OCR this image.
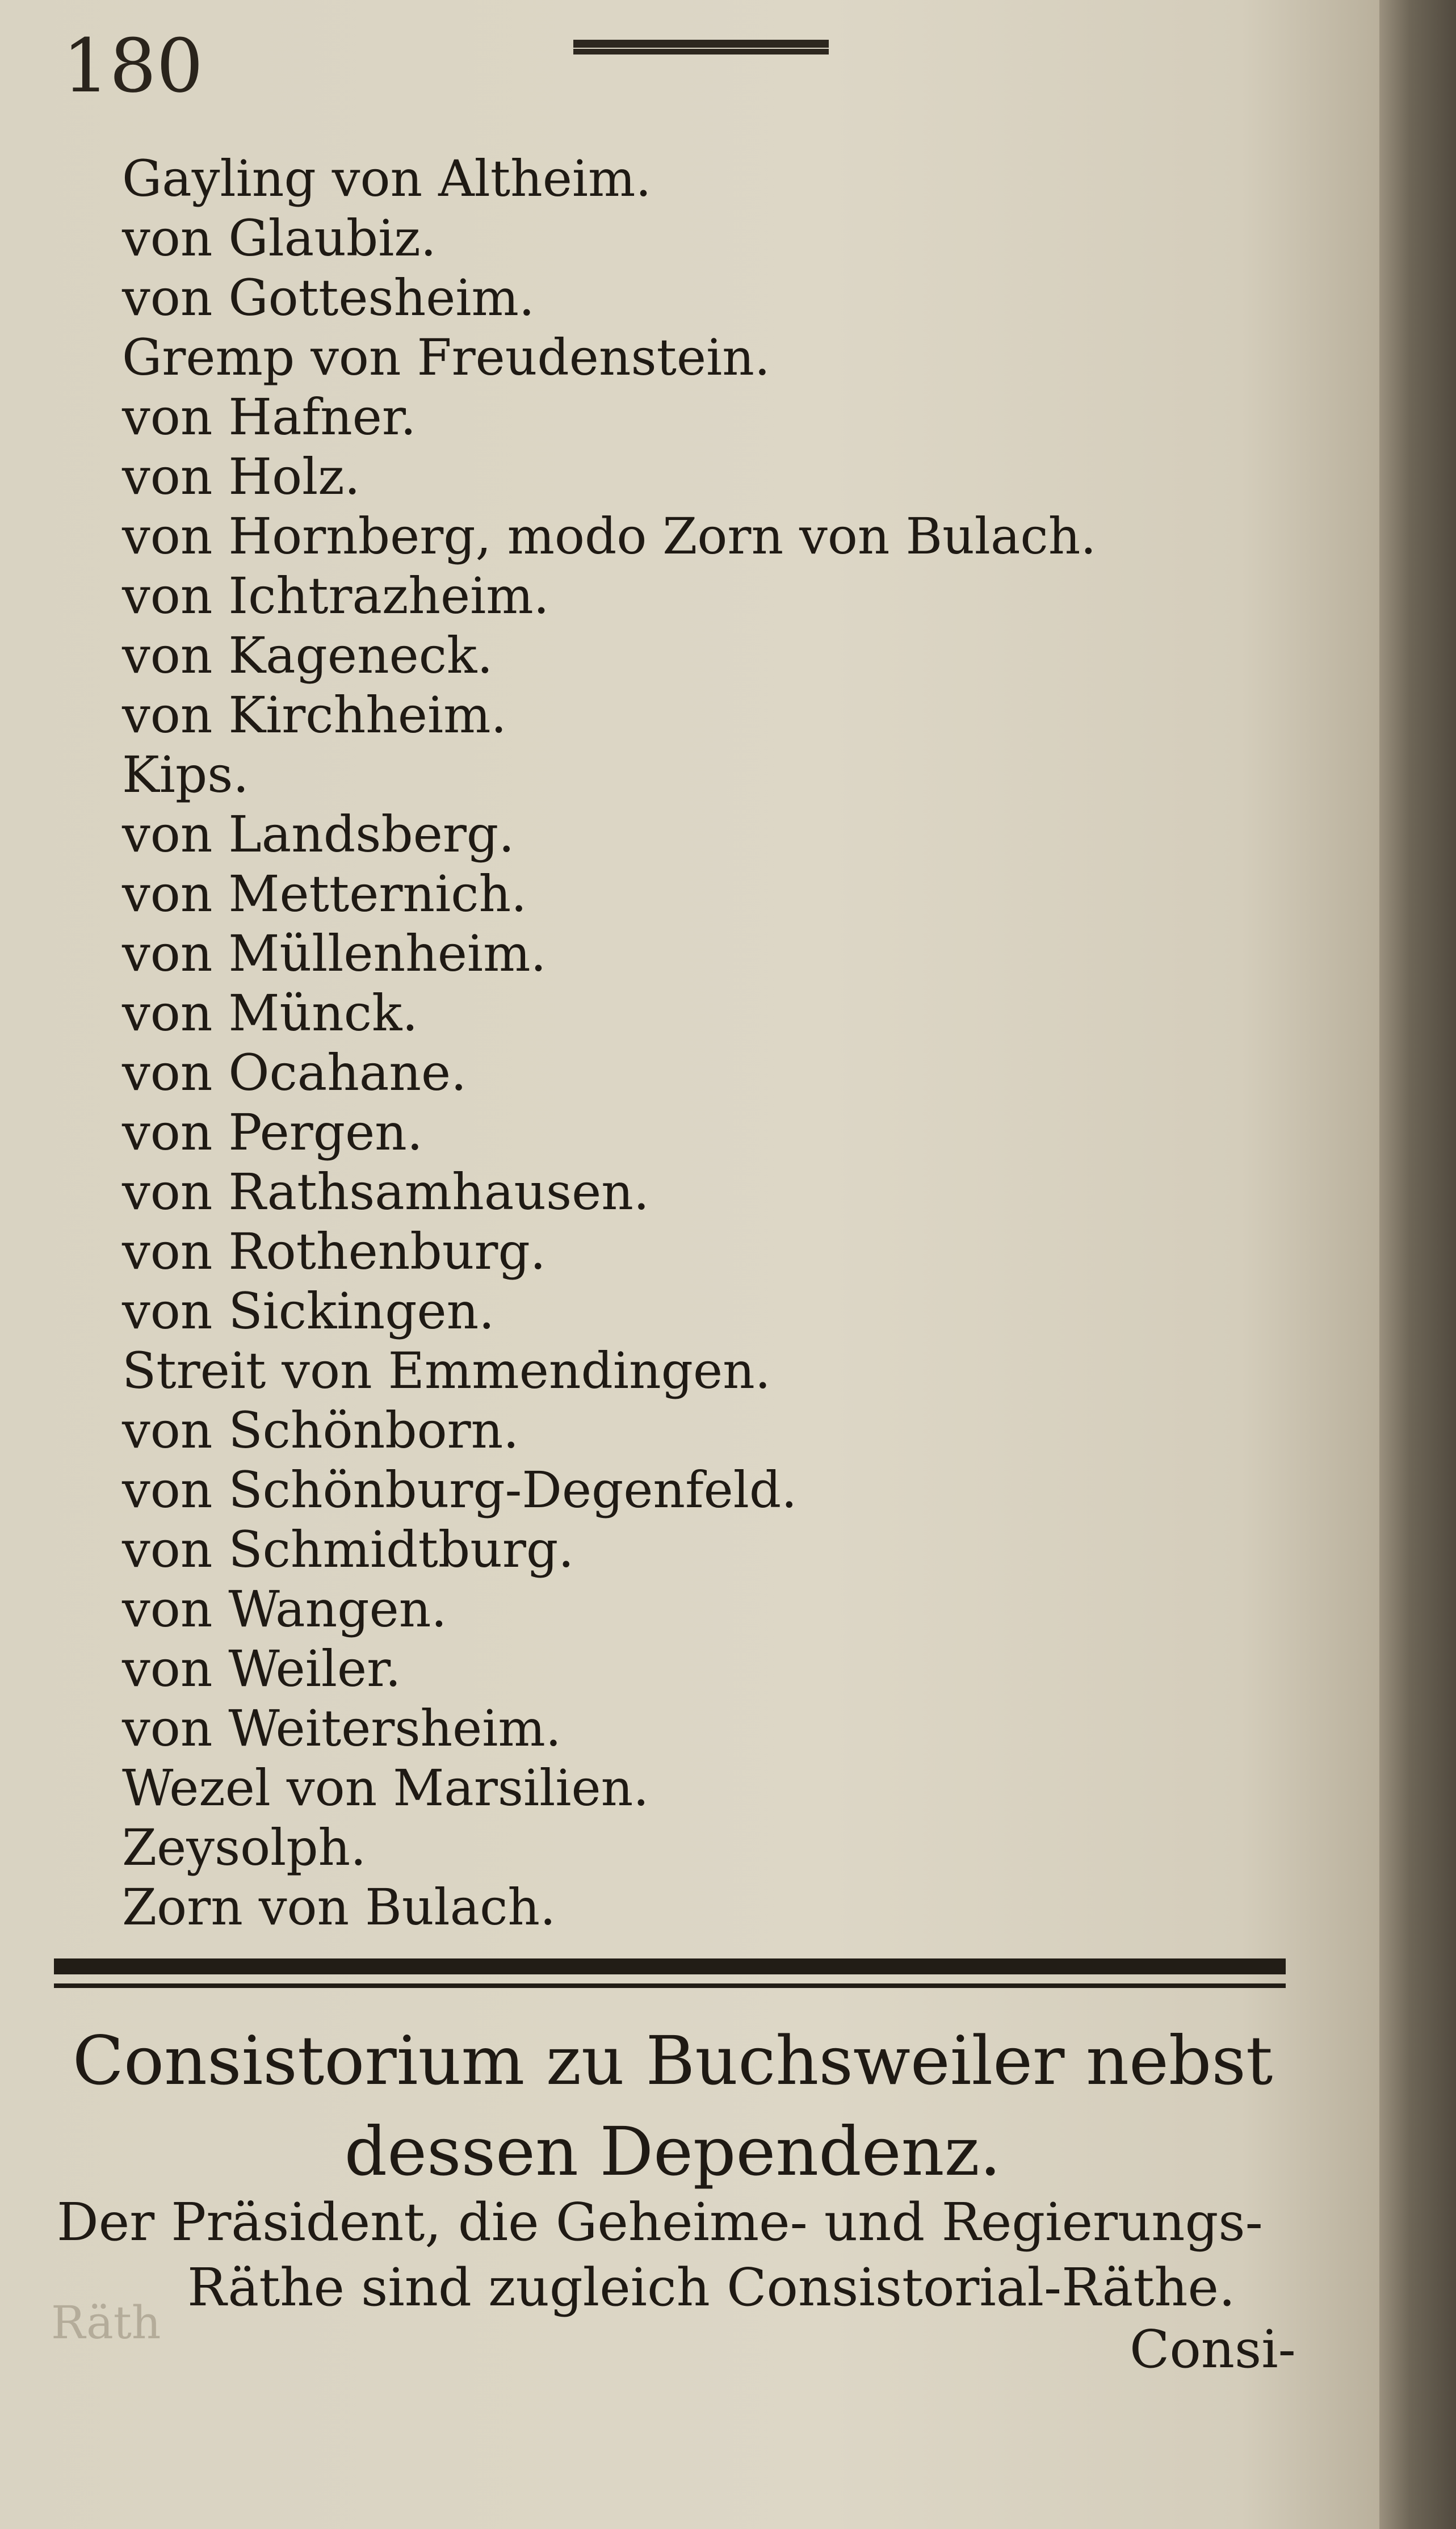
180
Gayling von Altheim.
von Glaubiz.
von Gottesheim.
Gremp von Freudenstein.
von Hafner.
von Holz.
von Hornberg, modo Zorn von Bulach.
von Ichtrazheim.
von Kageneck.
von Kirchheim.
Kips.
von Landsberg.
von Metternich.
von Müllenheim.
von Münck.
von Ocahane.
von Pergen.
von Rathsamhausen.
von Rothenburg.
von Sickingen.
Streit von Emmendingen.
von Schönborn.
von Schönburg-Degenfeld.
von Schmidtburg.
von Wangen.
von Weiler.
von Weitersheim.
Wezel von Marsilien.
Zeysolph.
Zorn von Bulach.
Consistorium zu Buchsweiler nebst
dessen Dependenz.
Der Präsident, die Geheime- und Regierungs-
Räthe sind zugleich Consistorial-Räthe.
Consi-
Räth
